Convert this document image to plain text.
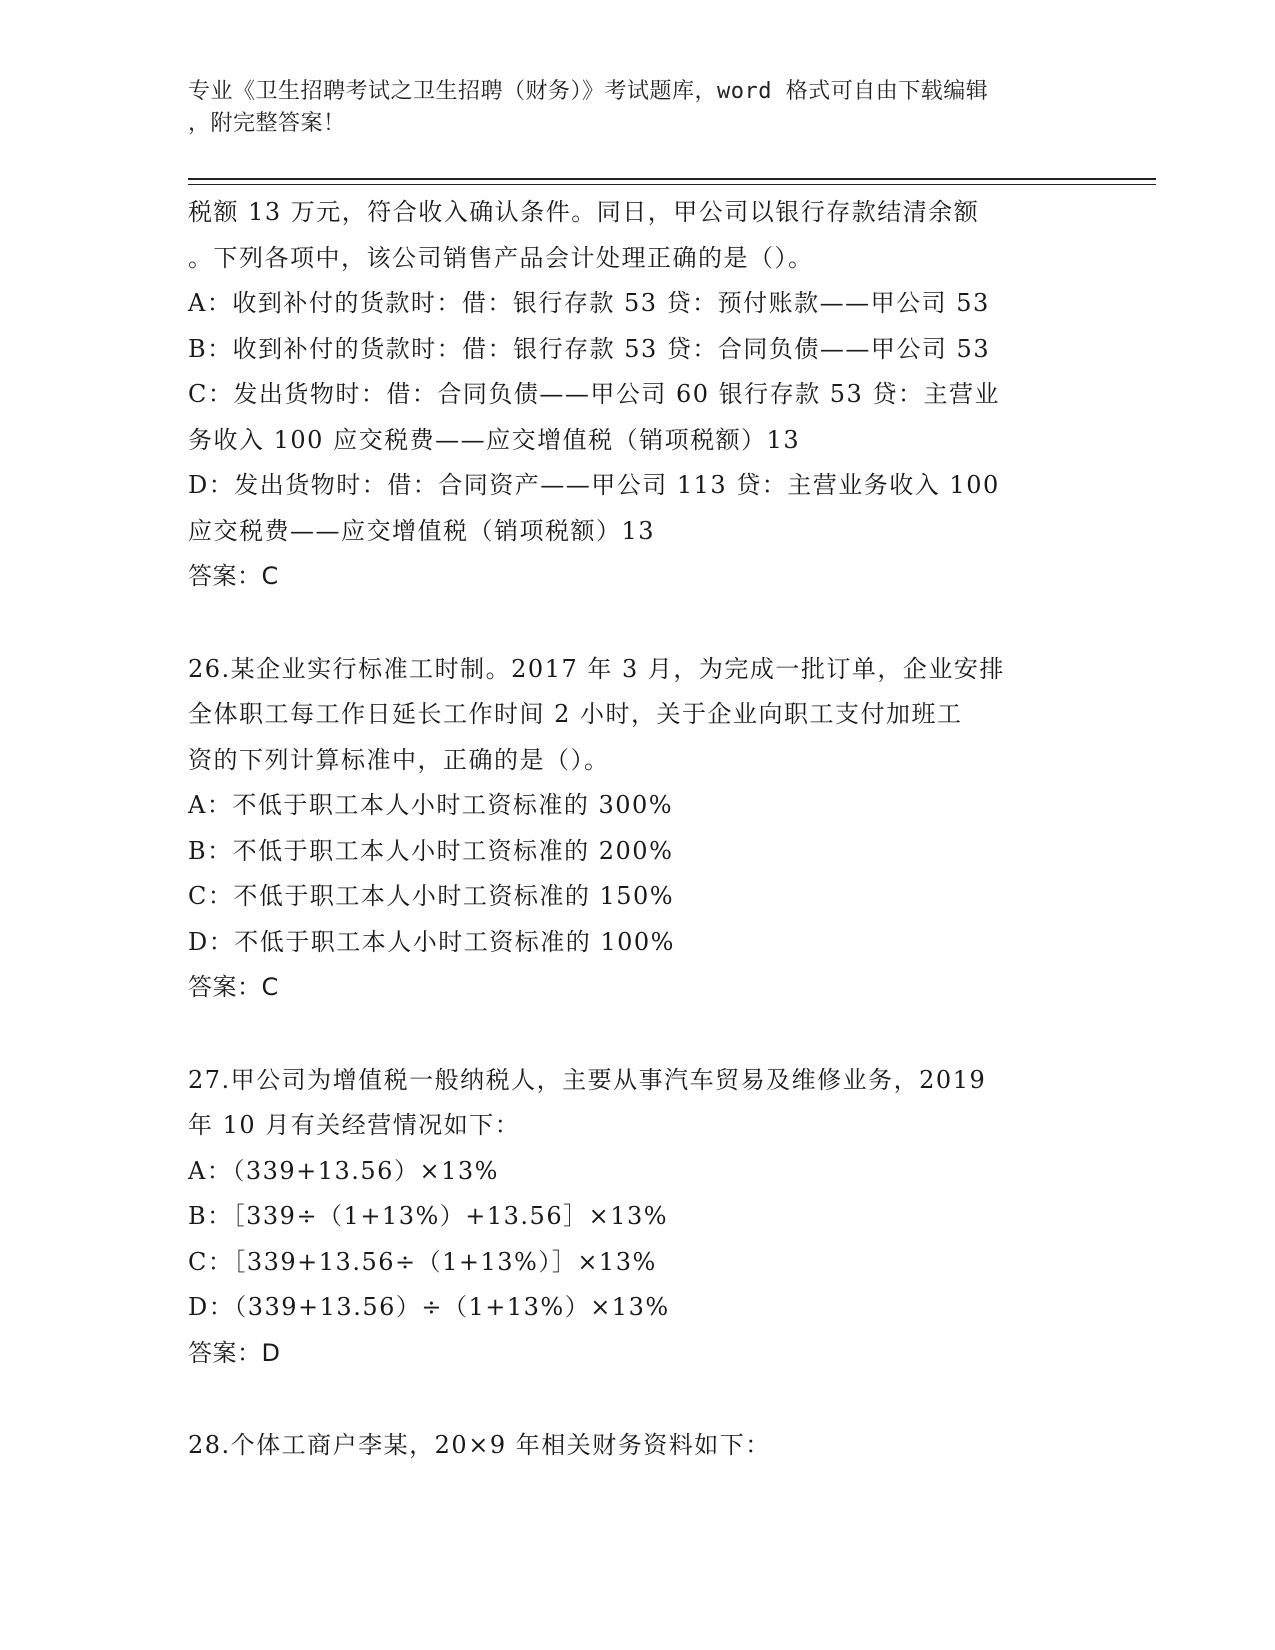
专业《卫生招聘考试之卫生招聘（财务）》考试题库，word 格式可自由下载编辑
，附完整答案！
税额 13 万元，符合收入确认条件。同日，甲公司以银行存款结清余额
。下列各项中，该公司销售产品会计处理正确的是（）。
A：收到补付的货款时：借：银行存款 53 贷：预付账款——甲公司 53
B：收到补付的货款时：借：银行存款 53 贷：合同负债——甲公司 53
C：发出货物时：借：合同负债——甲公司 60 银行存款 53 贷：主营业
务收入 100 应交税费——应交增值税（销项税额）13
D：发出货物时：借：合同资产——甲公司 113 贷：主营业务收入 100
应交税费——应交增值税（销项税额）13
答案：C
26.某企业实行标准工时制。2017 年 3 月，为完成一批订单，企业安排
全体职工每工作日延长工作时间 2 小时，关于企业向职工支付加班工
资的下列计算标准中，正确的是（）。
A：不低于职工本人小时工资标准的 300%
B：不低于职工本人小时工资标准的 200%
C：不低于职工本人小时工资标准的 150%
D：不低于职工本人小时工资标准的 100%
答案：C
27.甲公司为增值税一般纳税人，主要从事汽车贸易及维修业务，2019
年 10 月有关经营情况如下：
A：（339+13.56）×13%
B：［339÷（1+13%）+13.56］×13%
C：［339+13.56÷（1+13%）］×13%
D：（339+13.56）÷（1+13%）×13%
答案：D
28.个体工商户李某，20×9 年相关财务资料如下：
